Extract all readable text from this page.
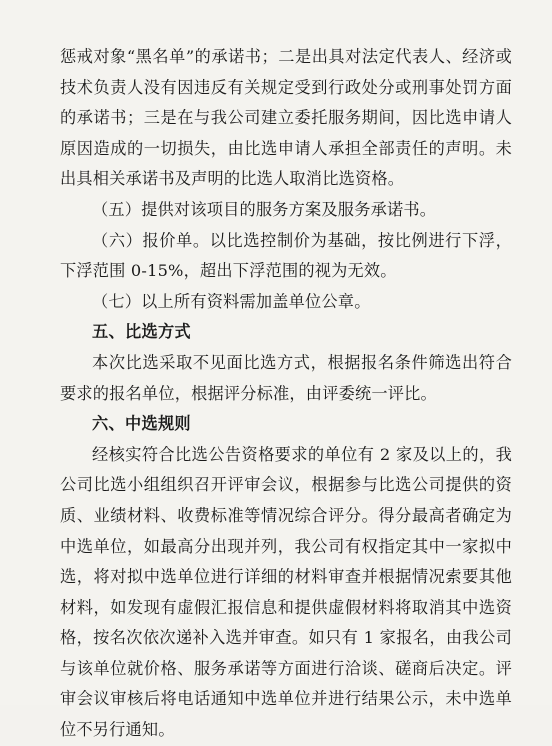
惩戒对象“黑名单”的承诺书；二是出具对法定代表人、经济或技术负责人没有因违反有关规定受到行政处分或刑事处罚方面的承诺书；三是在与我公司建立委托服务期间，因比选申请人原因造成的一切损失，由比选申请人承担全部责任的声明。未出具相关承诺书及声明的比选人取消比选资格。

（五）提供对该项目的服务方案及服务承诺书。

（六）报价单。以比选控制价为基础，按比例进行下浮，下浮范围 0-15%，超出下浮范围的视为无效。

（七）以上所有资料需加盖单位公章。

五、比选方式

本次比选采取不见面比选方式，根据报名条件筛选出符合要求的报名单位，根据评分标准，由评委统一评比。

六、中选规则

经核实符合比选公告资格要求的单位有 2 家及以上的，我公司比选小组组织召开评审会议，根据参与比选公司提供的资质、业绩材料、收费标准等情况综合评分。得分最高者确定为中选单位，如最高分出现并列，我公司有权指定其中一家拟中选，将对拟中选单位进行详细的材料审查并根据情况索要其他材料，如发现有虚假汇报信息和提供虚假材料将取消其中选资格，按名次依次递补入选并审查。如只有 1 家报名，由我公司与该单位就价格、服务承诺等方面进行洽谈、磋商后决定。评审会议审核后将电话通知中选单位并进行结果公示，未中选单位不另行通知。
